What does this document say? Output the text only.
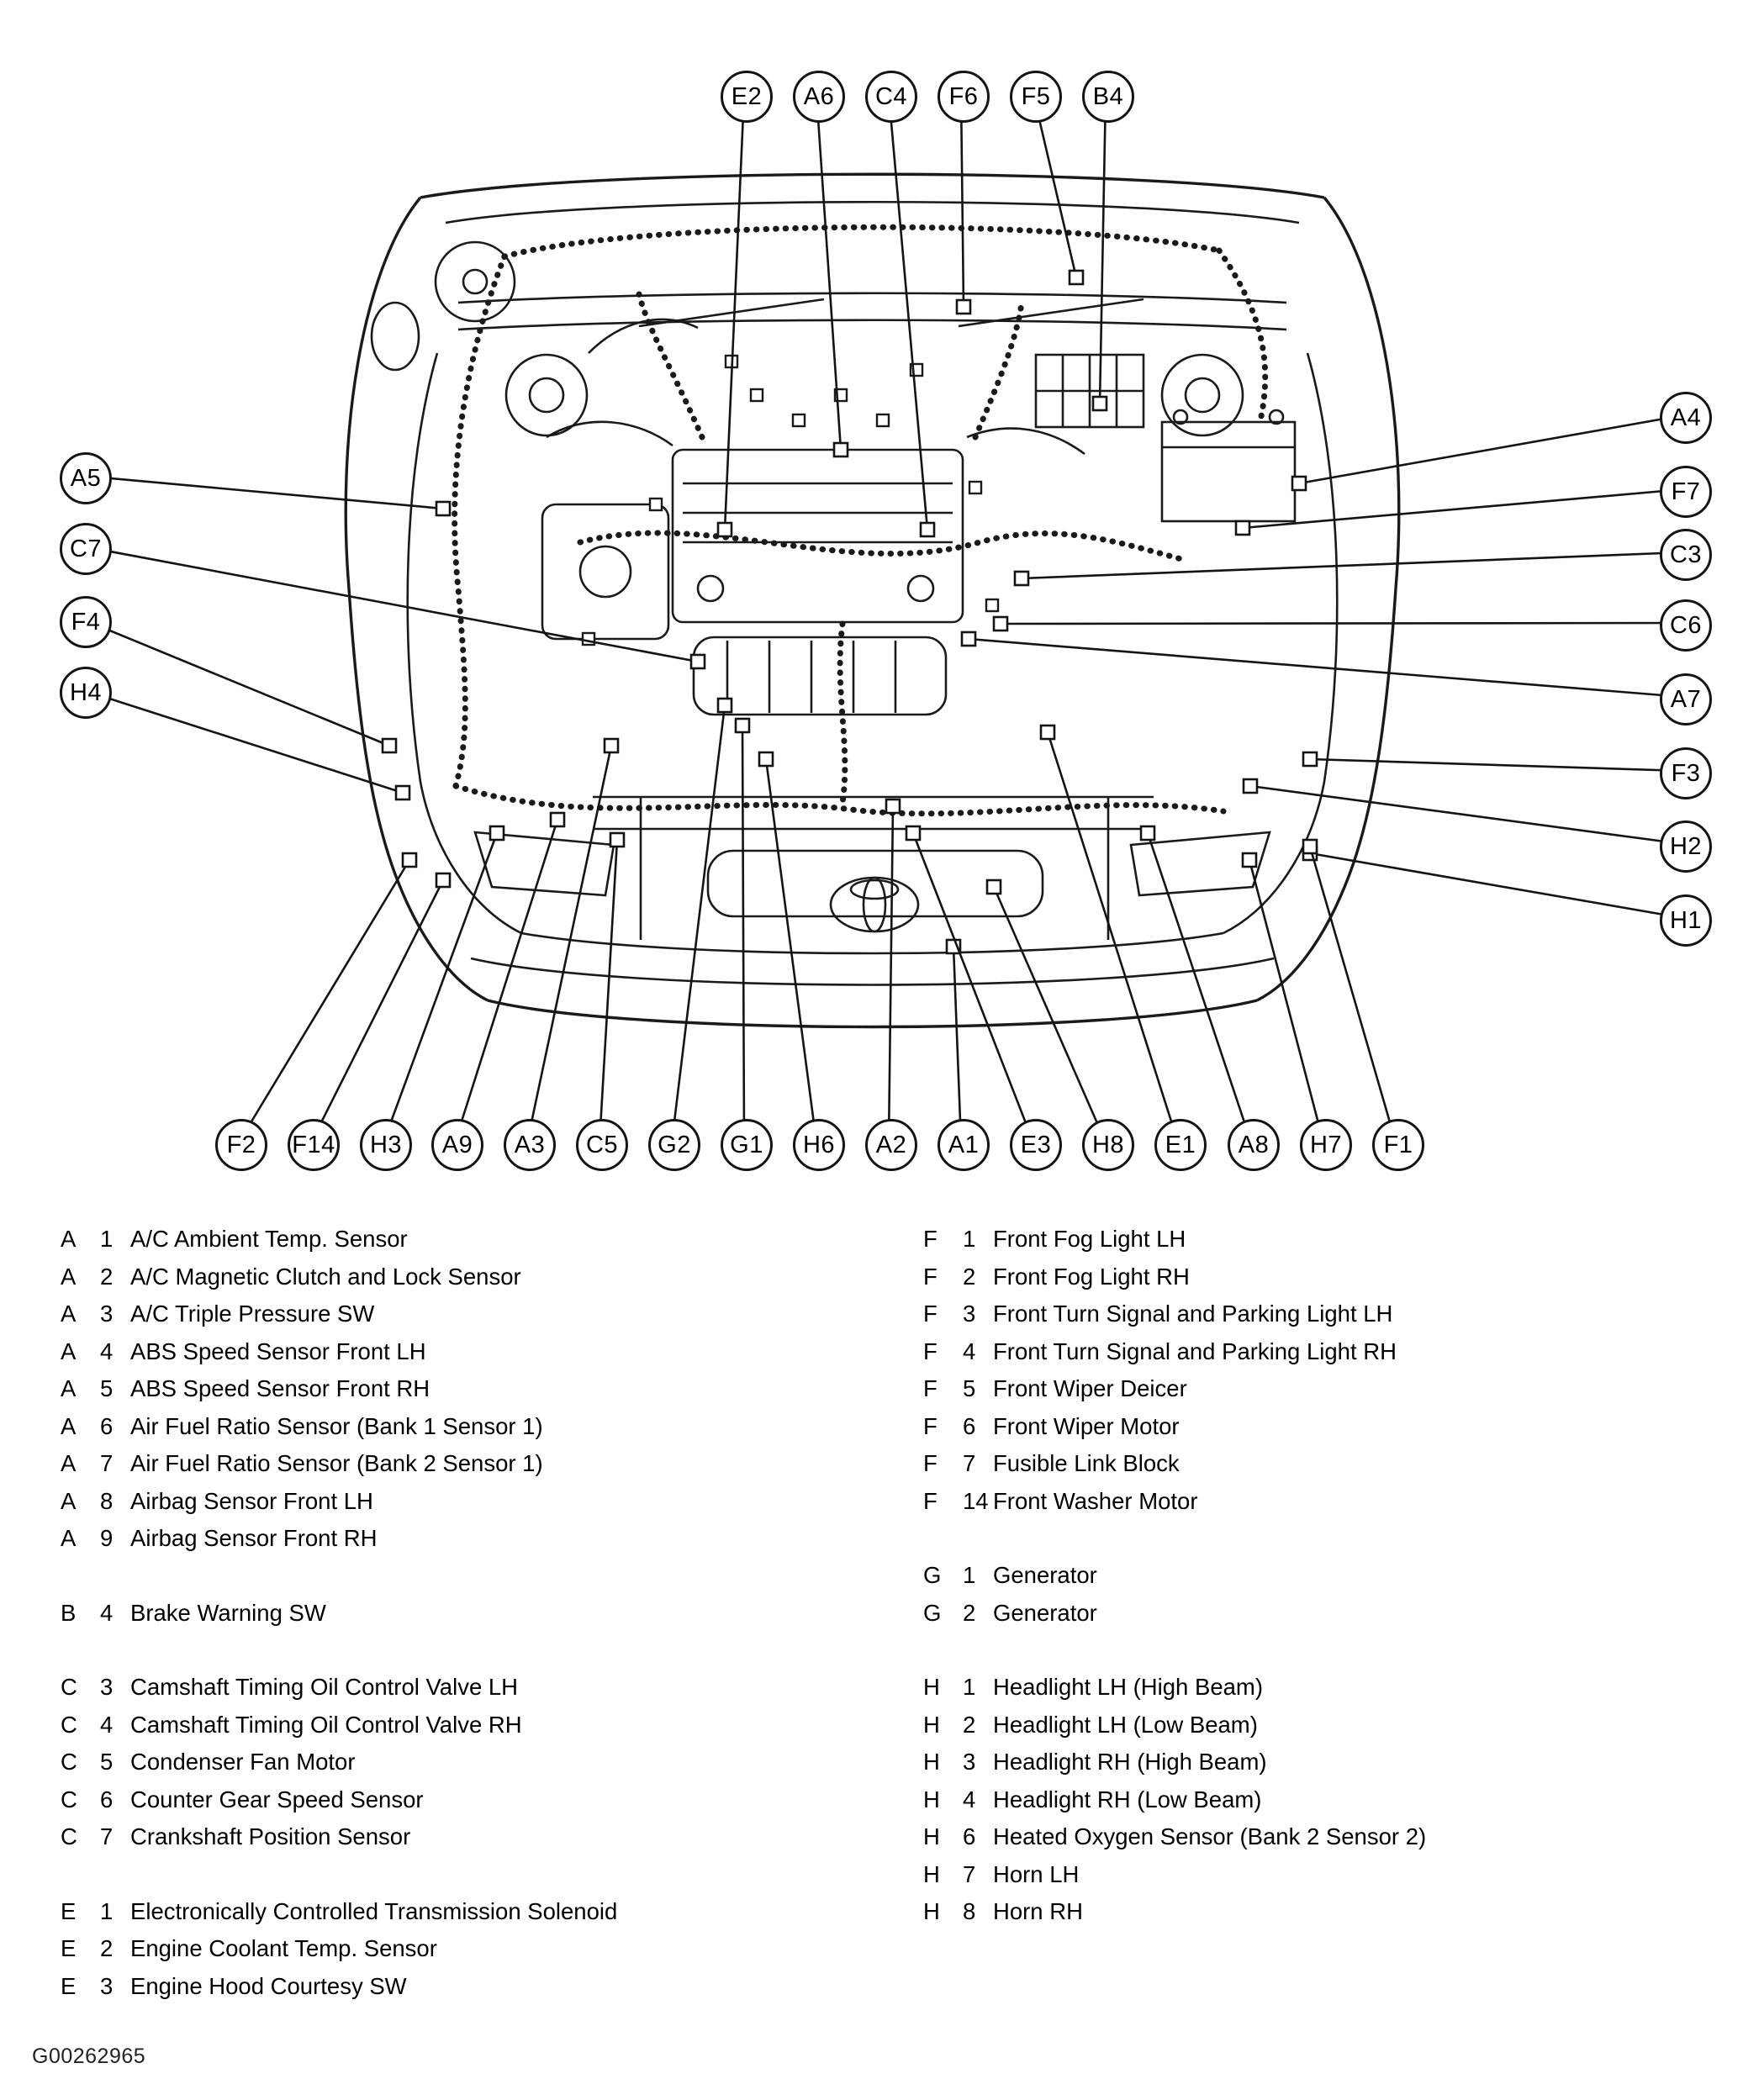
E2	A6	C4	F6	F5	B4
A4
F7
C3
C6
A7
F3
H2
H1
A5
C7
F4
H4
F2	F14	H3	A9	A3	C5	G2	G1	H6	A2	A1	E3	H8	E1	A8	H7	F1
A	1 A/C Ambient Temp. Sensor
A	2 A/C Magnetic Clutch and Lock Sensor
A	3 A/C Triple Pressure SW
A	4 ABS Speed Sensor Front LH
A	5 ABS Speed Sensor Front RH
A	6 Air Fuel Ratio Sensor (Bank 1 Sensor 1)
A	7 Air Fuel Ratio Sensor (Bank 2 Sensor 1)
A	8 Airbag Sensor Front LH
A	9 Airbag Sensor Front RH
B	4 Brake Warning SW
C 3 Camshaft Timing Oil Control Valve LH
C 4 Camshaft Timing Oil Control Valve RH
C 5 Condenser Fan Motor
C 6 Counter Gear Speed Sensor
C 7 Crankshaft Position Sensor
E	1 Electronically Controlled Transmission Solenoid
E	2 Engine Coolant Temp. Sensor
E	3 Engine Hood Courtesy SW
F	1 Front Fog Light LH
F	2 Front Fog Light RH
F	3 Front Turn Signal and Parking Light LH
F	4 Front Turn Signal and Parking Light RH
F	5 Front Wiper Deicer
F	6 Front Wiper Motor
F	7 Fusible Link Block
F	14 Front Washer Motor
G 1 Generator
G 2 Generator
H 1 Headlight LH (High Beam)
H 2 Headlight LH (Low Beam)
H 3 Headlight RH (High Beam)
H 4 Headlight RH (Low Beam)
H 6 Heated Oxygen Sensor (Bank 2 Sensor 2)
H 7 Horn LH
H 8 Horn RH
G00262965
